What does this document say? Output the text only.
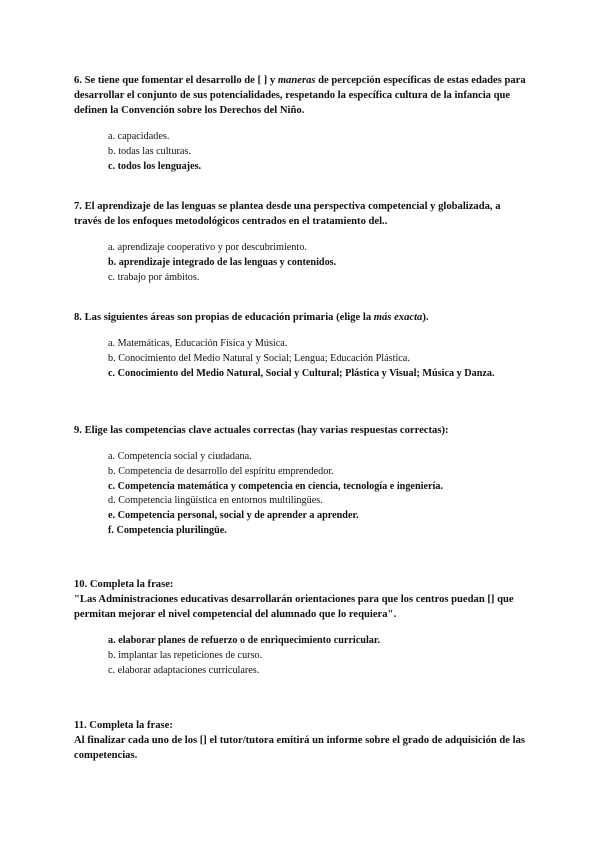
6. Se tiene que fomentar el desarrollo de [ ] y maneras de percepción específicas de estas edades para desarrollar el conjunto de sus potencialidades, respetando la específica cultura de la infancia que definen la Convención sobre los Derechos del Niño.

a. capacidades.
b. todas las culturas.
c. todos los lenguajes.

7. El aprendizaje de las lenguas se plantea desde una perspectiva competencial y globalizada, a través de los enfoques metodológicos centrados en el tratamiento del..

a. aprendizaje cooperativo y por descubrimiento.
b. aprendizaje integrado de las lenguas y contenidos.
c. trabajo por ámbitos.

8. Las siguientes áreas son propias de educación primaria (elige la más exacta).

a. Matemáticas, Educación Física y Música.
b. Conocimiento del Medio Natural y Social; Lengua; Educación Plástica.
c. Conocimiento del Medio Natural, Social y Cultural; Plástica y Visual; Música y Danza.

9. Elige las competencias clave actuales correctas (hay varias respuestas correctas):

a. Competencia social y ciudadana.
b. Competencia de desarrollo del espíritu emprendedor.
c. Competencia matemática y competencia en ciencia, tecnología e ingeniería.
d. Competencia lingüística en entornos multilingües.
e. Competencia personal, social y de aprender a aprender.
f. Competencia plurilingüe.

10. Completa la frase:

"Las Administraciones educativas desarrollarán orientaciones para que los centros puedan [] que permitan mejorar el nivel competencial del alumnado que lo requiera".

a. elaborar planes de refuerzo o de enriquecimiento curricular.
b. implantar las repeticiones de curso.
c. elaborar adaptaciones curriculares.

11. Completa la frase:

Al finalizar cada uno de los [] el tutor/tutora emitirá un informe sobre el grado de adquisición de las competencias.
